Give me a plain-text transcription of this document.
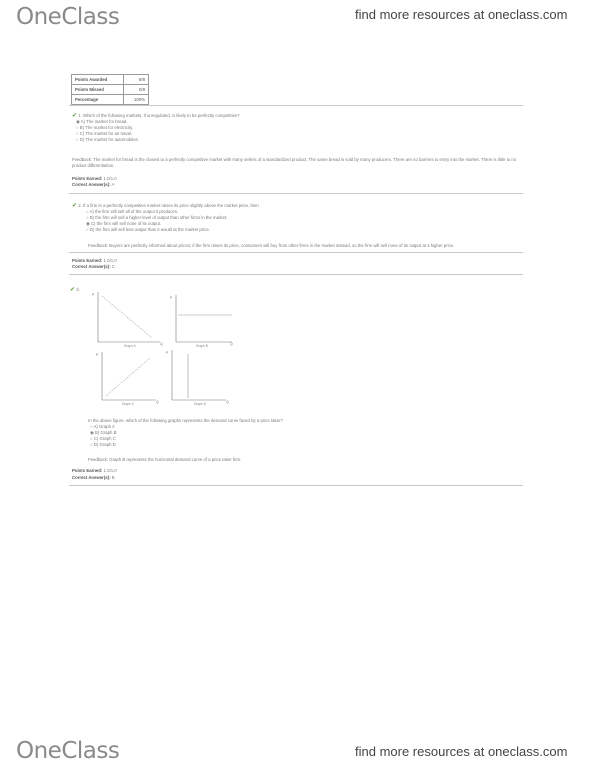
OneClass	find more resources at oneclass.com
Points Awarded	8/8
Points Missed	0/8
Percentage	100%
✔ 1. Which of the following markets, if unregulated, is likely to be perfectly competitive?
◉ A) The market for bread.
○ B) The market for electricity.
○ C) The market for air travel.
○ D) The market for automobiles.
Feedback: The market for bread is the closest to a perfectly competitive market with many sellers of a standardized product. The same bread is sold by many producers. There are no barriers to entry into the market. There is little to no product differentiation.
Points Earned: 1.0/1.0
Correct Answer(s): A
✔ 2. If a firm in a perfectly competitive market raises its price slightly above the market price, then
○ A) the firm will sell all of the output it produces.
○ B) the firm will sell a higher level of output than other firms in the market.
◉ C) the firm will sell none of its output.
○ D) the firm will sell less output than it would at the market price.
Feedback: Buyers are perfectly informed about prices; if the firm raises its price, consumers will buy from other firms in the market instead, so the firm will sell none of its output at a higher price.
Points Earned: 1.0/1.0
Correct Answer(s): C
✔ 3.
P
Q
Graph A
P
Q
Graph B
P
Q
Graph C
P
Q
Graph D
In the above figure, which of the following graphs represents the demand curve faced by a price taker?
○ A) Graph A
◉ B) Graph B
○ C) Graph C
○ D) Graph D
Feedback: Graph B represents the horizontal demand curve of a price taker firm.
Points Earned: 1.0/1.0
Correct Answer(s): B
OneClass	find more resources at oneclass.com
